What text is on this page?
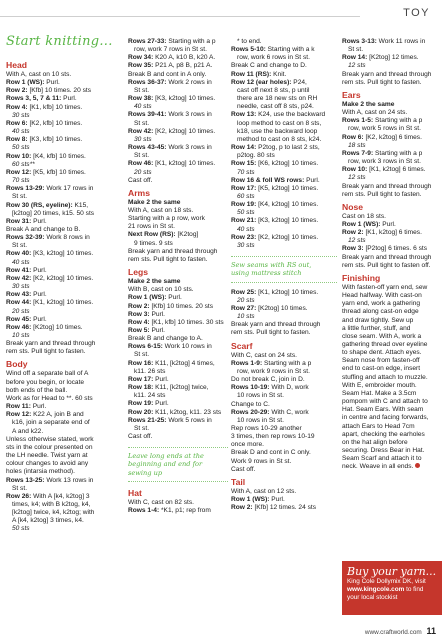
TOY
Start knitting...
Head
With A, cast on 10 sts.
Row 1 (WS): Purl.
Row 2: [Kfb] 10 times. 20 sts
Rows 3, 5, 7 & 11: Purl.
Row 4: [K1, kfb] 10 times.
30 sts
Row 6: [K2, kfb] 10 times.
40 sts
Row 8: [K3, kfb] 10 times.
50 sts
Row 10: [K4, kfb] 10 times.
60 sts**
Row 12: [K5, kfb] 10 times.
70 sts
Rows 13-29: Work 17 rows in
St st.
Row 30 (RS, eyeline): K15,
[k2tog] 20 times, k15. 50 sts
Row 31: Purl.
Break A and change to B.
Rows 32-39: Work 8 rows in
St st.
Row 40: [K3, k2tog] 10 times.
40 sts
Row 41: Purl.
Row 42: [K2, k2tog] 10 times.
30 sts
Row 43: Purl.
Row 44: [K1, k2tog] 10 times.
20 sts
Row 45: Purl.
Row 46: [K2tog] 10 times.
10 sts
Break yarn and thread through
rem sts. Pull tight to fasten.
Body
Wind off a separate ball of A
before you begin, or locate
both ends of the ball.
Work as for Head to **. 60 sts
Row 11: Purl.
Row 12: K22 A, join B and
k16, join a separate end of
A and k22.
Unless otherwise stated, work
sts in the colour presented on
the LH needle. Twist yarn at
colour changes to avoid any
holes (intarsia method).
Rows 13-25: Work 13 rows in
St st.
Row 26: With A [k4, k2tog] 3
times, k4; with B k2tog, k4,
[k2tog] twice, k4, k2tog; with
A [k4, k2tog] 3 times, k4.
50 sts
Rows 27-33: Starting with a p
row, work 7 rows in St st.
Row 34: K20 A, k10 B, k20 A.
Row 35: P21 A, p8 B, p21 A.
Break B and cont in A only.
Rows 36-37: Work 2 rows in
St st.
Row 38: [K3, k2tog] 10 times.
40 sts
Rows 39-41: Work 3 rows in
St st.
Row 42: [K2, k2tog] 10 times.
30 sts
Rows 43-45: Work 3 rows in
St st.
Row 46: [K1, k2tog] 10 times.
20 sts
Cast off.
Arms
Make 2 the same
With A, cast on 18 sts.
Starting with a p row, work
21 rows in St st.
Next Row (RS): [K2tog]
9 times. 9 sts
Break yarn and thread through
rem sts. Pull tight to fasten.
Legs
Make 2 the same
With B, cast on 10 sts.
Row 1 (WS): Purl.
Row 2: [Kfb] 10 times. 20 sts
Row 3: Purl.
Row 4: [K1, kfb] 10 times. 30 sts
Row 5: Purl.
Break B and change to A.
Rows 6-15: Work 10 rows in
St st.
Row 16: K11, [k2tog] 4 times,
k11. 26 sts
Row 17: Purl.
Row 18: K11, [k2tog] twice,
k11. 24 sts
Row 19: Purl.
Row 20: K11, k2tog, k11. 23 sts
Rows 21-25: Work 5 rows in
St st.
Cast off.
Leave long ends at the
beginning and end for
sewing up
Hat
With C, cast on 82 sts.
Rows 1-4: *K1, p1; rep from
* to end.
Rows 5-10: Starting with a k
row, work 6 rows in St st.
Break C and change to D.
Row 11 (RS): Knit.
Row 12 (ear holes): P24,
cast off next 8 sts, p until
there are 18 new sts on RH
needle, cast off 8 sts, p24.
Row 13: K24, use the backward
loop method to cast on 8 sts,
k18, use the backward loop
method to cast on 8 sts, k24.
Row 14: P2tog, p to last 2 sts,
p2tog. 80 sts
Row 15: [K6, k2tog] 10 times.
70 sts
Row 16 & foll WS rows: Purl.
Row 17: [K5, k2tog] 10 times.
60 sts
Row 19: [K4, k2tog] 10 times.
50 sts
Row 21: [K3, k2tog] 10 times.
40 sts
Row 23: [K2, k2tog] 10 times.
30 sts
Sew seams with RS out,
using mattress stitch
Row 25: [K1, k2tog] 10 times.
20 sts
Row 27: [K2tog] 10 times.
10 sts
Break yarn and thread through
rem sts. Pull tight to fasten.
Scarf
With C, cast on 24 sts.
Rows 1-9: Starting with a p
row, work 9 rows in St st.
Do not break C, join in D.
Rows 10-19: With D, work
10 rows in St st.
Change to C.
Rows 20-29: With C, work
10 rows in St st.
Rep rows 10-29 another
3 times, then rep rows 10-19
once more.
Break D and cont in C only.
Work 9 rows in St st.
Cast off.
Tail
With A, cast on 12 sts.
Row 1 (WS): Purl.
Row 2: [Kfb] 12 times. 24 sts
Rows 3-13: Work 11 rows in
St st.
Row 14: [K2tog] 12 times.
12 sts
Break yarn and thread through
rem sts. Pull tight to fasten.
Ears
Make 2 the same
With A, cast on 24 sts.
Rows 1-5: Starting with a p
row, work 5 rows in St st.
Row 6: [K2, k2tog] 6 times.
18 sts
Rows 7-9: Starting with a p
row, work 3 rows in St st.
Row 10: [K1, k2tog] 6 times.
12 sts
Break yarn and thread through
rem sts. Pull tight to fasten.
Nose
Cast on 18 sts.
Row 1 (WS): Purl.
Row 2: [K1, k2tog] 6 times.
12 sts
Row 3: [P2tog] 6 times. 6 sts
Break yarn and thread through
rem sts. Pull tight to fasten off.
Finishing
With fasten-off yarn end, sew
Head halfway. With cast-on
yarn end, work a gathering
thread along cast-on edge
and draw tightly. Sew up
a little further, stuff, and
close seam. With A, work a
gathering thread over eyeline
to shape dent. Attach eyes.
Seam nose from fasten-off
end to cast-on edge, insert
stuffing and attach to muzzle.
With E, embroider mouth.
Seam Hat. Make a 3.5cm
pompom with C and attach to
Hat. Seam Ears. With seam
in centre and facing forwards,
attach Ears to Head 7cm
apart, checking the earholes
on the hat align before
securing. Dress Bear in Hat.
Seam Scarf and attach it to
neck. Weave in all ends.
Buy your yarn...
King Cole Dollymix DK, visit
www.kingcole.com to find
your local stockist
www.craftworld.com 11
